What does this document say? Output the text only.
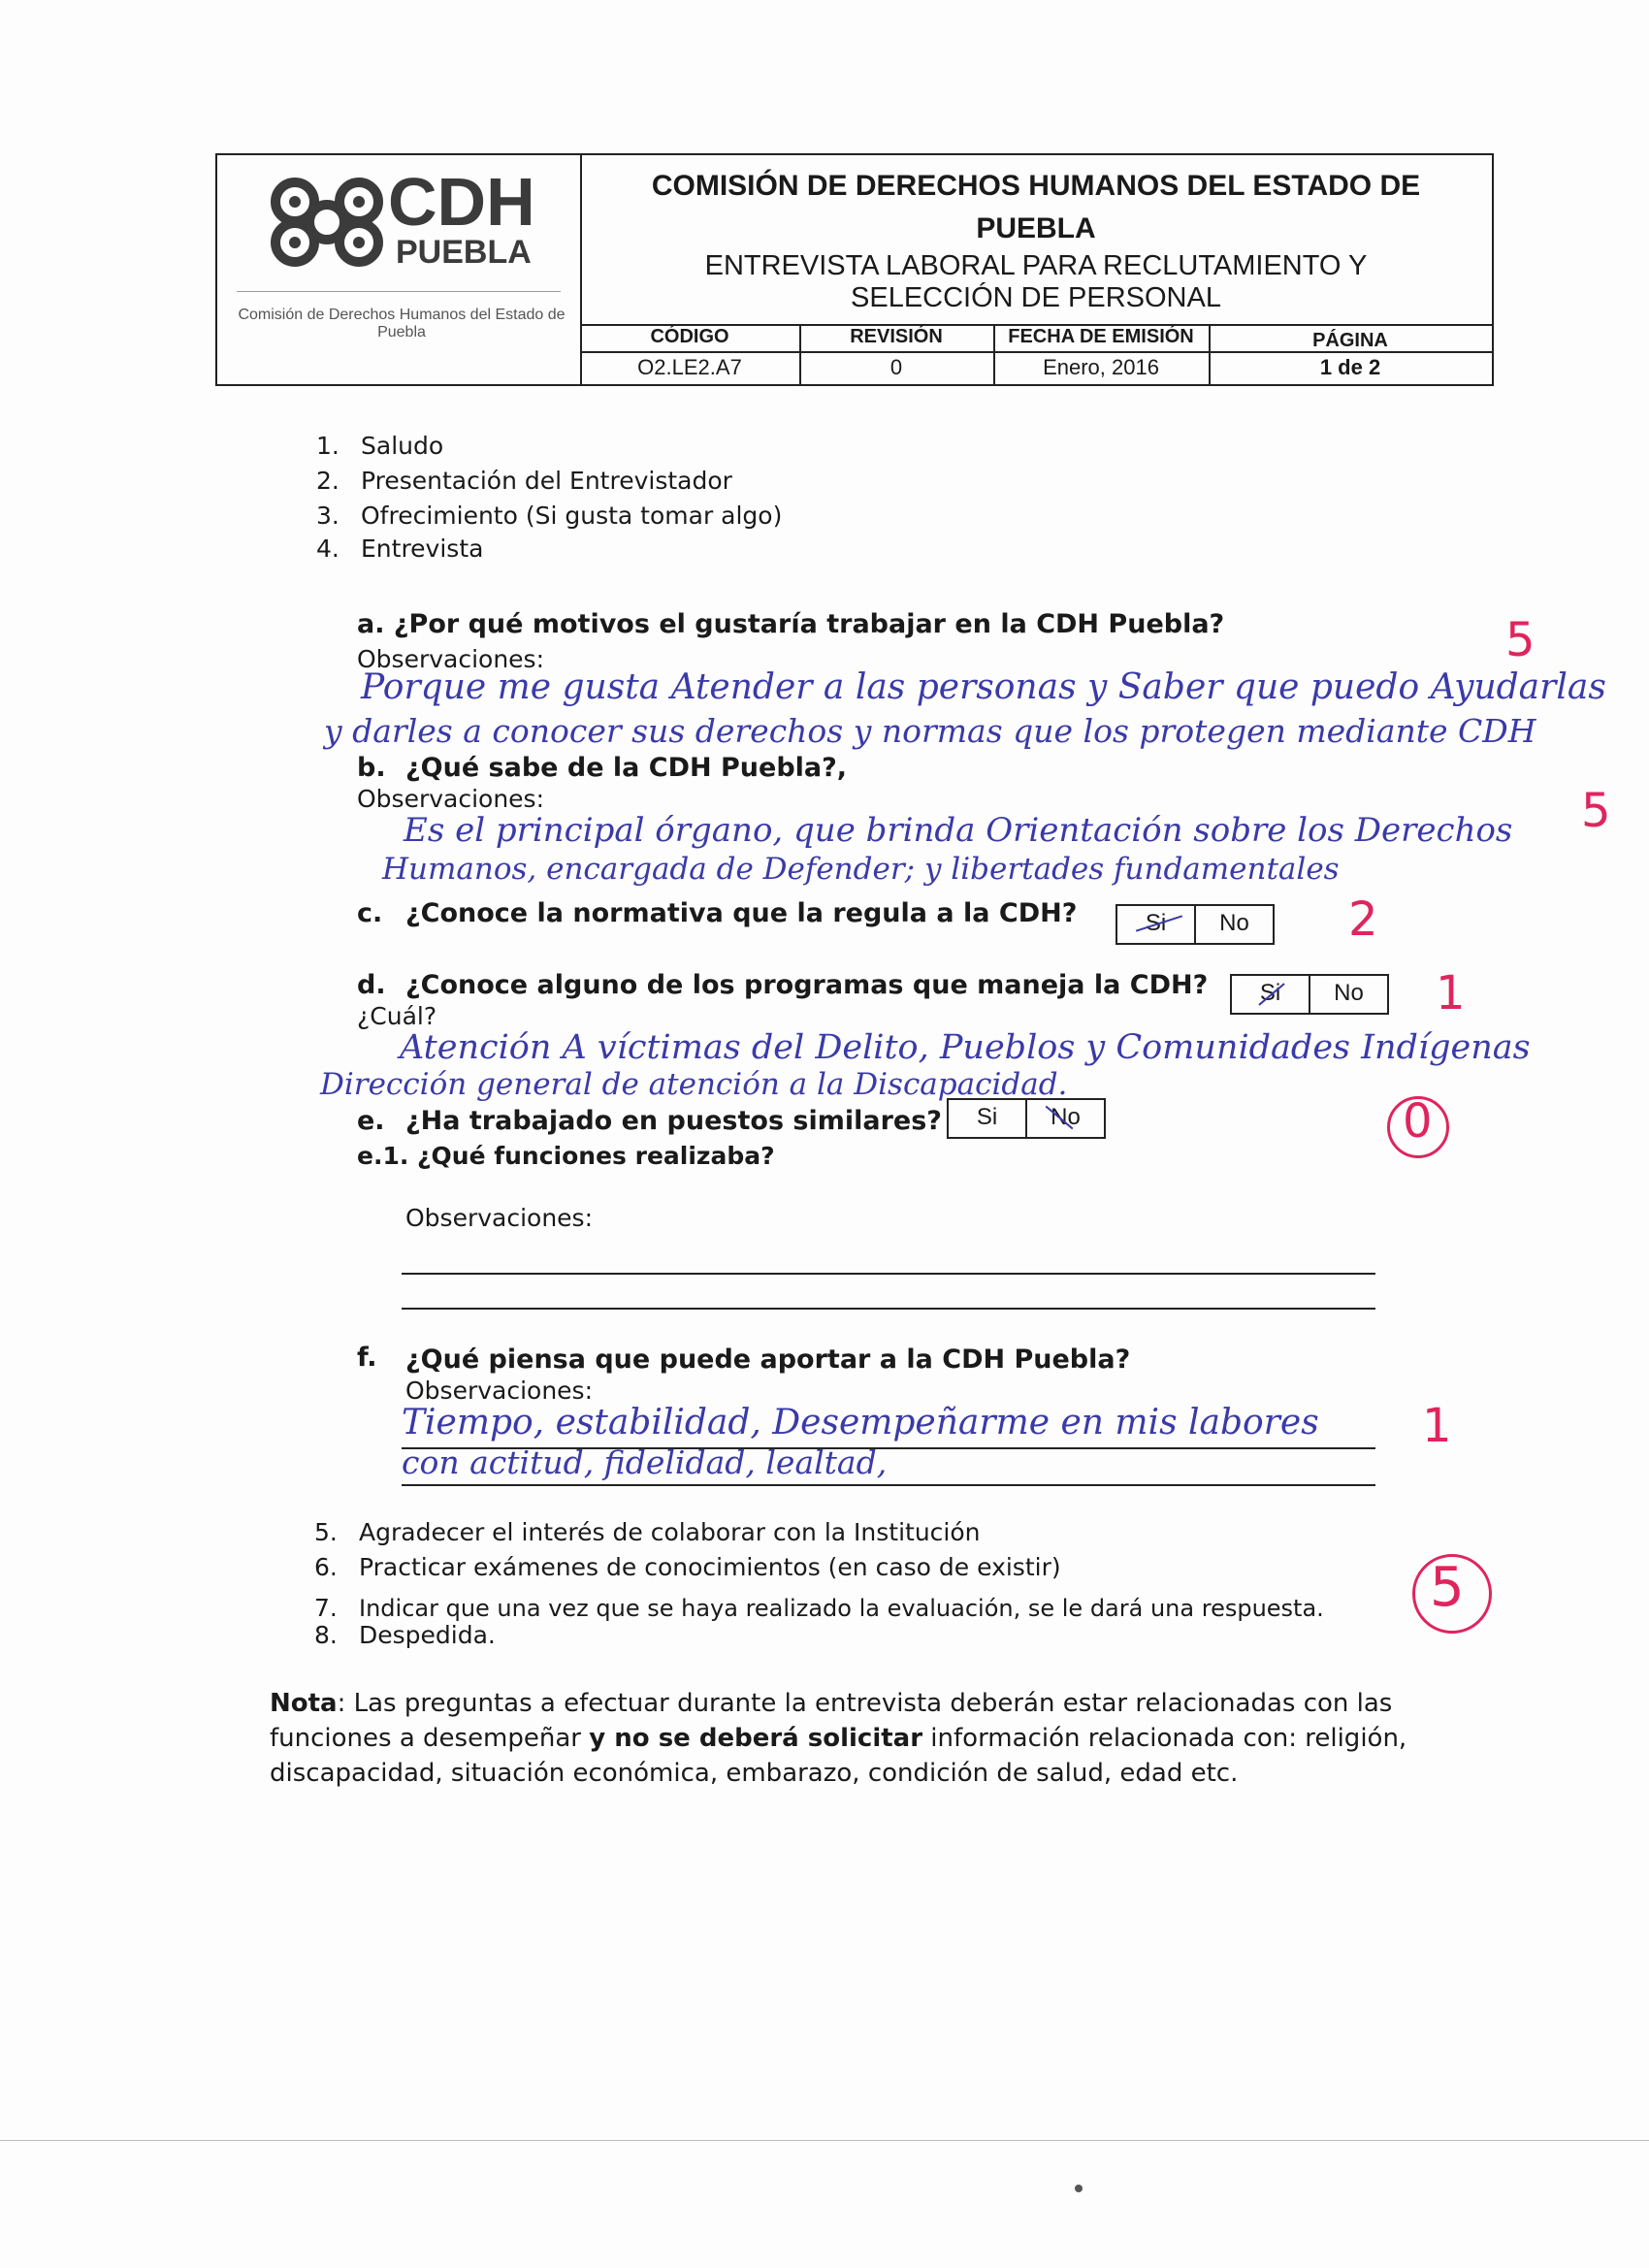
CDH
PUEBLA
Comisión de Derechos Humanos del Estado de Puebla
COMISIÓN DE DERECHOS HUMANOS DEL ESTADO DE
PUEBLA
ENTREVISTA LABORAL PARA RECLUTAMIENTO Y
SELECCIÓN DE PERSONAL
CÓDIGO	REVISIÓN	FECHA DE EMISIÓN	PÁGINA
O2.LE2.A7	0	Enero, 2016	1 de 2
1. Saludo
2. Presentación del Entrevistador
3. Ofrecimiento (Si gusta tomar algo)
4. Entrevista
a. ¿Por qué motivos el gustaría trabajar en la CDH Puebla?
Observaciones:
Porque me gusta Atender a las personas y Saber que puedo Ayudarlas
y darles a conocer sus derechos y normas que los protegen mediante CDH
5
b. ¿Qué sabe de la CDH Puebla?,
Observaciones:
Es el principal órgano, que brinda Orientación sobre los Derechos
Humanos, encargada de Defender; y libertades fundamentales
5
c. ¿Conoce la normativa que la regula a la CDH?	Si	No	2
d. ¿Conoce alguno de los programas que maneja la CDH?
¿Cuál?
Si	No
Atención A víctimas del Delito, Pueblos y Comunidades Indígenas
Dirección general de atención a la Discapacidad.
1
e. ¿Ha trabajado en puestos similares?	Si	No
e.1. ¿Qué funciones realizaba?
Observaciones:
0
f. ¿Qué piensa que puede aportar a la CDH Puebla?
Observaciones:
Tiempo, estabilidad, Desempeñarme en mis labores
con actitud, fidelidad, lealtad,
1
5. Agradecer el interés de colaborar con la Institución
6. Practicar exámenes de conocimientos (en caso de existir)
7. Indicar que una vez que se haya realizado la evaluación, se le dará una respuesta.
8. Despedida.
5
Nota: Las preguntas a efectuar durante la entrevista deberán estar relacionadas con las
funciones a desempeñar y no se deberá solicitar información relacionada con: religión,
discapacidad, situación económica, embarazo, condición de salud, edad etc.
